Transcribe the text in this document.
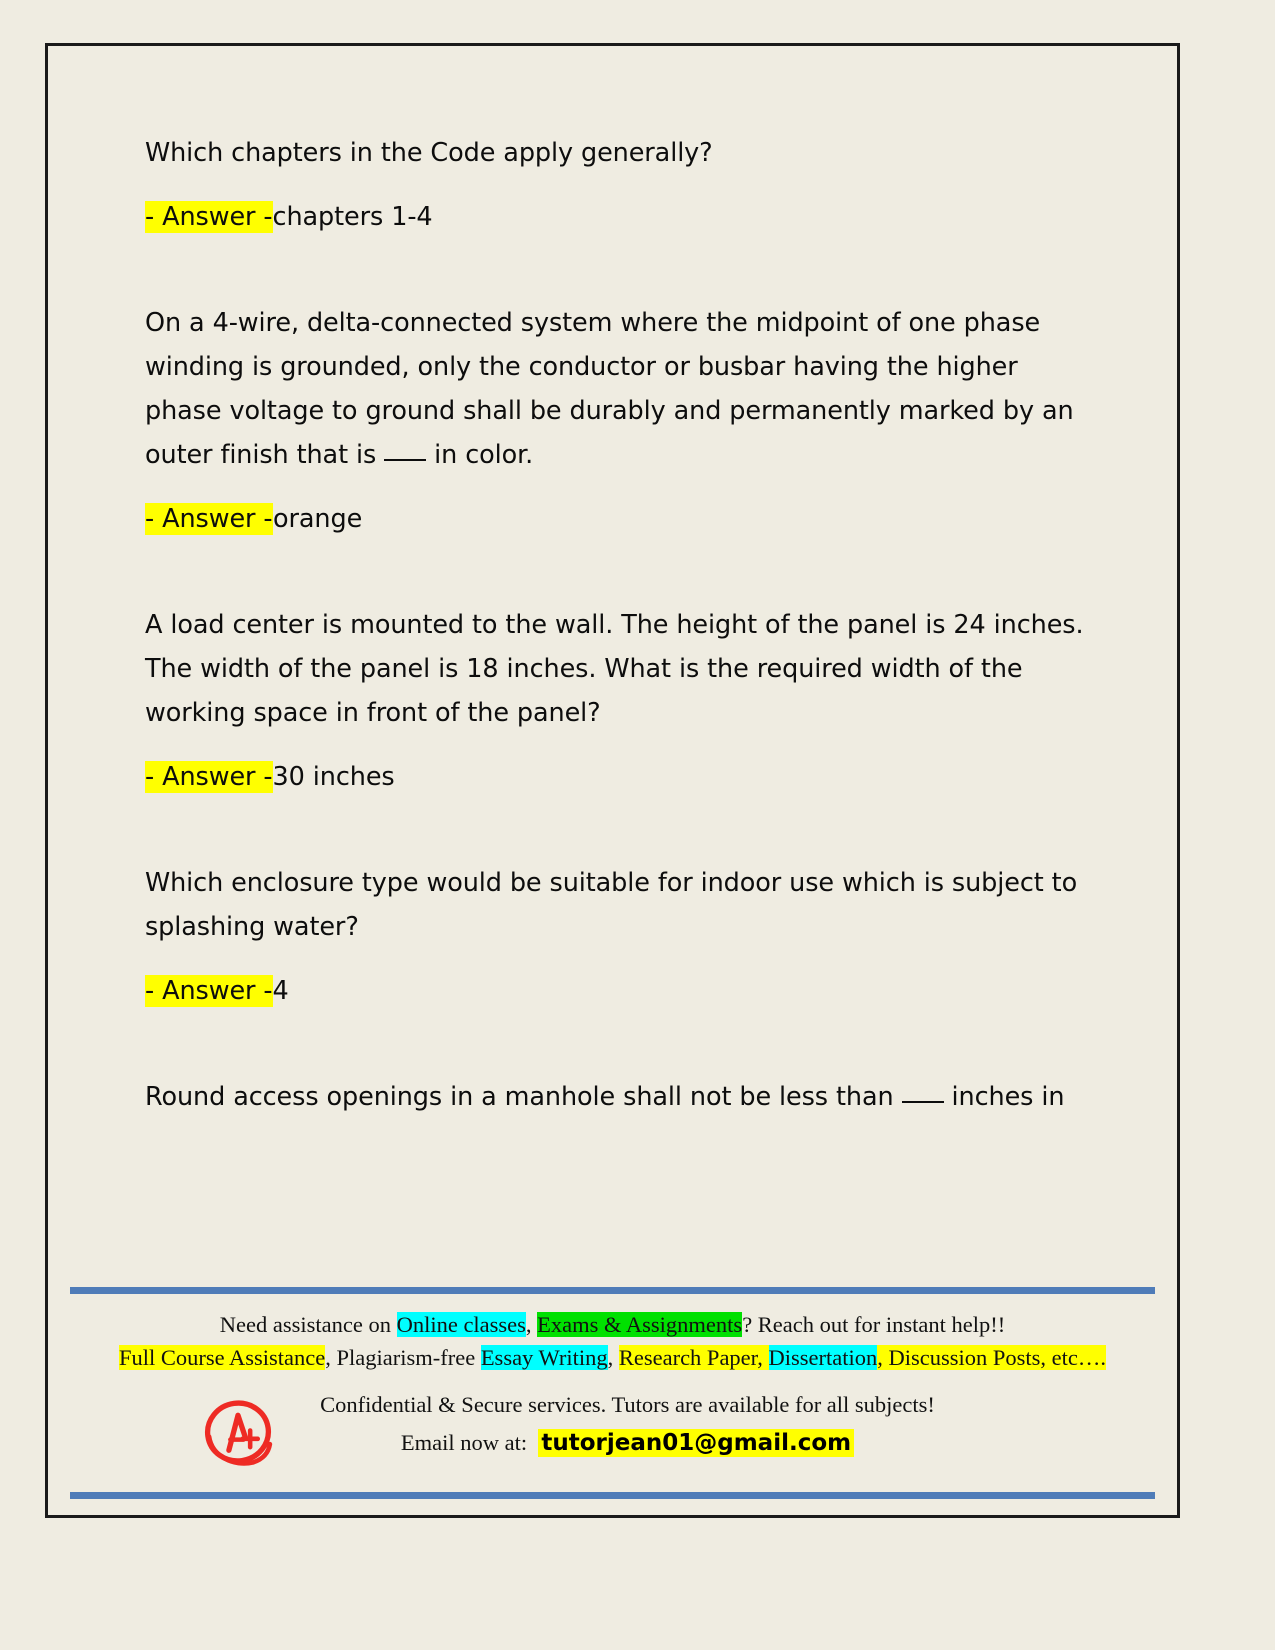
Which chapters in the Code apply generally?

- Answer -chapters 1-4

On a 4-wire, delta-connected system where the midpoint of one phase winding is grounded, only the conductor or busbar having the higher phase voltage to ground shall be durably and permanently marked by an outer finish that is  in color.

- Answer -orange

A load center is mounted to the wall. The height of the panel is 24 inches. The width of the panel is 18 inches. What is the required width of the working space in front of the panel?

- Answer -30 inches

Which enclosure type would be suitable for indoor use which is subject to splashing water?

- Answer -4

Round access openings in a manhole shall not be less than  inches in

Need assistance on Online classes, Exams & Assignments? Reach out for instant help!!
Full Course Assistance, Plagiarism-free Essay Writing, Research Paper, Dissertation, Discussion Posts, etc….
Confidential & Secure services. Tutors are available for all subjects!
Email now at: tutorjean01@gmail.com
